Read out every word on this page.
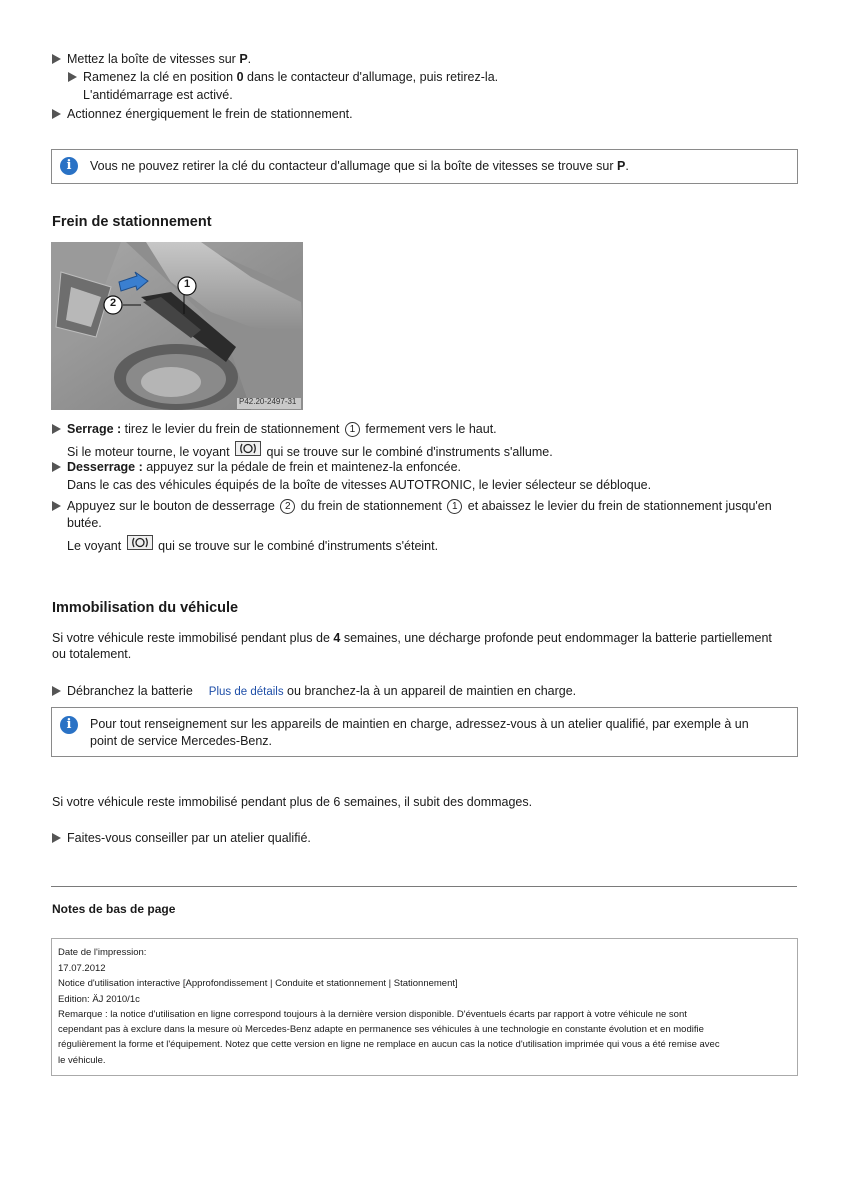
Mettez la boîte de vitesses sur P.
Ramenez la clé en position 0 dans le contacteur d'allumage, puis retirez-la.
L'antidémarrage est activé.
Actionnez énergiquement le frein de stationnement.
i	Vous ne pouvez retirer la clé du contacteur d'allumage que si la boîte de vitesses se trouve sur P.
Frein de stationnement
1
2
P42.20-2497-31
Serrage : tirez le levier du frein de stationnement 1 fermement vers le haut.
Si le moteur tourne, le voyant
qui se trouve sur le combiné d'instruments s'allume.
Desserrage : appuyez sur la pédale de frein et maintenez-la enfoncée.
Dans le cas des véhicules équipés de la boîte de vitesses AUTOTRONIC, le levier sélecteur se débloque.
Appuyez sur le bouton de desserrage 2 du frein de stationnement 1 et abaissez le levier du frein de stationnement jusqu'en
butée.
Le voyant
qui se trouve sur le combiné d'instruments s'éteint.
Immobilisation du véhicule
Si votre véhicule reste immobilisé pendant plus de 4 semaines, une décharge profonde peut endommager la batterie partiellement
ou totalement.
Débranchez la batterie Plus de détails ou branchez-la à un appareil de maintien en charge.
i	Pour tout renseignement sur les appareils de maintien en charge, adressez-vous à un atelier qualifié, par exemple à un
point de service Mercedes-Benz.
Si votre véhicule reste immobilisé pendant plus de 6 semaines, il subit des dommages.
Faites-vous conseiller par un atelier qualifié.
Notes de bas de page
Date de l'impression:
17.07.2012
Notice d'utilisation interactive [Approfondissement | Conduite et stationnement | Stationnement]
Edition: ÄJ 2010/1c
Remarque : la notice d'utilisation en ligne correspond toujours à la dernière version disponible. D'éventuels écarts par rapport à votre véhicule ne sont
cependant pas à exclure dans la mesure où Mercedes-Benz adapte en permanence ses véhicules à une technologie en constante évolution et en modifie
régulièrement la forme et l'équipement. Notez que cette version en ligne ne remplace en aucun cas la notice d'utilisation imprimée qui vous a été remise avec
le véhicule.
